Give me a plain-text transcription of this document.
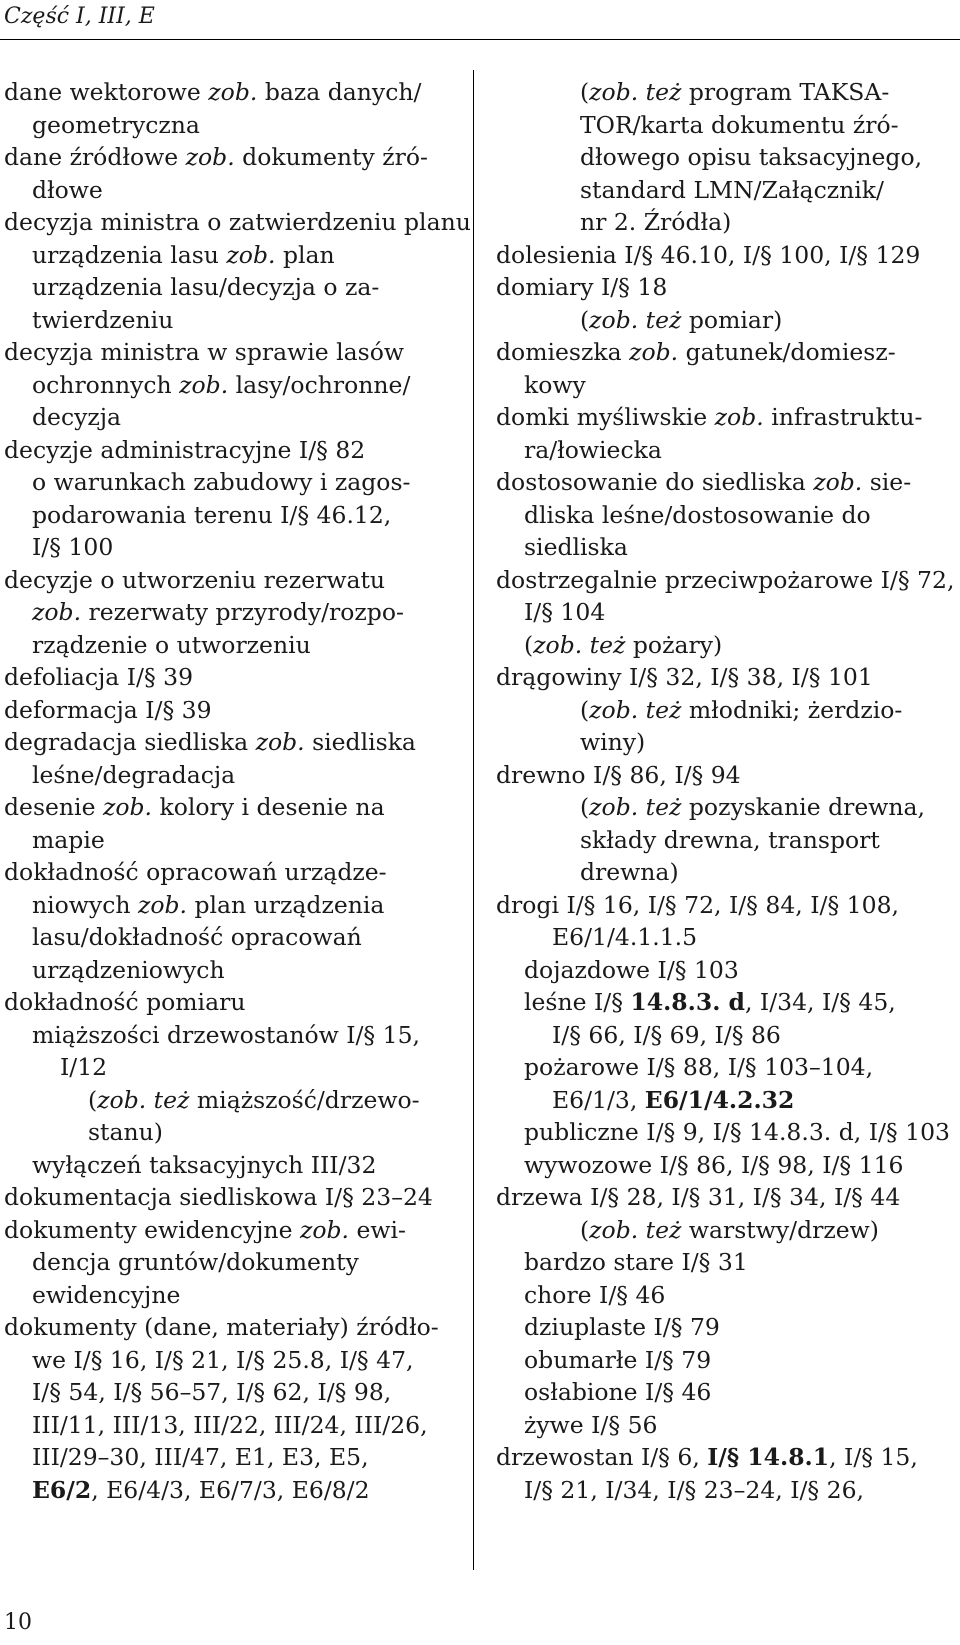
Część I, III, E
dane wektorowe zob. baza danych/
geometryczna
dane źródłowe zob. dokumenty źró-
dłowe
decyzja ministra o zatwierdzeniu planu
urządzenia lasu zob. plan
urządzenia lasu/decyzja o za-
twierdzeniu
decyzja ministra w sprawie lasów
ochronnych zob. lasy/ochronne/
decyzja
decyzje administracyjne I/§ 82
o warunkach zabudowy i zagos-
podarowania terenu I/§ 46.12,
I/§ 100
decyzje o utworzeniu rezerwatu
zob. rezerwaty przyrody/rozpo-
rządzenie o utworzeniu
defoliacja I/§ 39
deformacja I/§ 39
degradacja siedliska zob. siedliska
leśne/degradacja
desenie zob. kolory i desenie na
mapie
dokładność opracowań urządze-
niowych zob. plan urządzenia
lasu/dokładność opracowań
urządzeniowych
dokładność pomiaru
miąższości drzewostanów I/§ 15,
I/12
(zob. też miąższość/drzewo-
stanu)
wyłączeń taksacyjnych III/32
dokumentacja siedliskowa I/§ 23–24
dokumenty ewidencyjne zob. ewi-
dencja gruntów/dokumenty
ewidencyjne
dokumenty (dane, materiały) źródło-
we I/§ 16, I/§ 21, I/§ 25.8, I/§ 47,
I/§ 54, I/§ 56–57, I/§ 62, I/§ 98,
III/11, III/13, III/22, III/24, III/26,
III/29–30, III/47, E1, E3, E5,
E6/2, E6/4/3, E6/7/3, E6/8/2
(zob. też program TAKSA-
TOR/karta dokumentu źró-
dłowego opisu taksacyjnego,
standard LMN/Załącznik/
nr 2. Źródła)
dolesienia I/§ 46.10, I/§ 100, I/§ 129
domiary I/§ 18
(zob. też pomiar)
domieszka zob. gatunek/domiesz-
kowy
domki myśliwskie zob. infrastruktu-
ra/łowiecka
dostosowanie do siedliska zob. sie-
dliska leśne/dostosowanie do
siedliska
dostrzegalnie przeciwpożarowe I/§ 72,
I/§ 104
(zob. też pożary)
drągowiny I/§ 32, I/§ 38, I/§ 101
(zob. też młodniki; żerdzio-
winy)
drewno I/§ 86, I/§ 94
(zob. też pozyskanie drewna,
składy drewna, transport
drewna)
drogi I/§ 16, I/§ 72, I/§ 84, I/§ 108,
E6/1/4.1.1.5
dojazdowe I/§ 103
leśne I/§ 14.8.3. d, I/34, I/§ 45,
I/§ 66, I/§ 69, I/§ 86
pożarowe I/§ 88, I/§ 103–104,
E6/1/3, E6/1/4.2.32
publiczne I/§ 9, I/§ 14.8.3. d, I/§ 103
wywozowe I/§ 86, I/§ 98, I/§ 116
drzewa I/§ 28, I/§ 31, I/§ 34, I/§ 44
(zob. też warstwy/drzew)
bardzo stare I/§ 31
chore I/§ 46
dziuplaste I/§ 79
obumarłe I/§ 79
osłabione I/§ 46
żywe I/§ 56
drzewostan I/§ 6, I/§ 14.8.1, I/§ 15,
I/§ 21, I/34, I/§ 23–24, I/§ 26,
10
